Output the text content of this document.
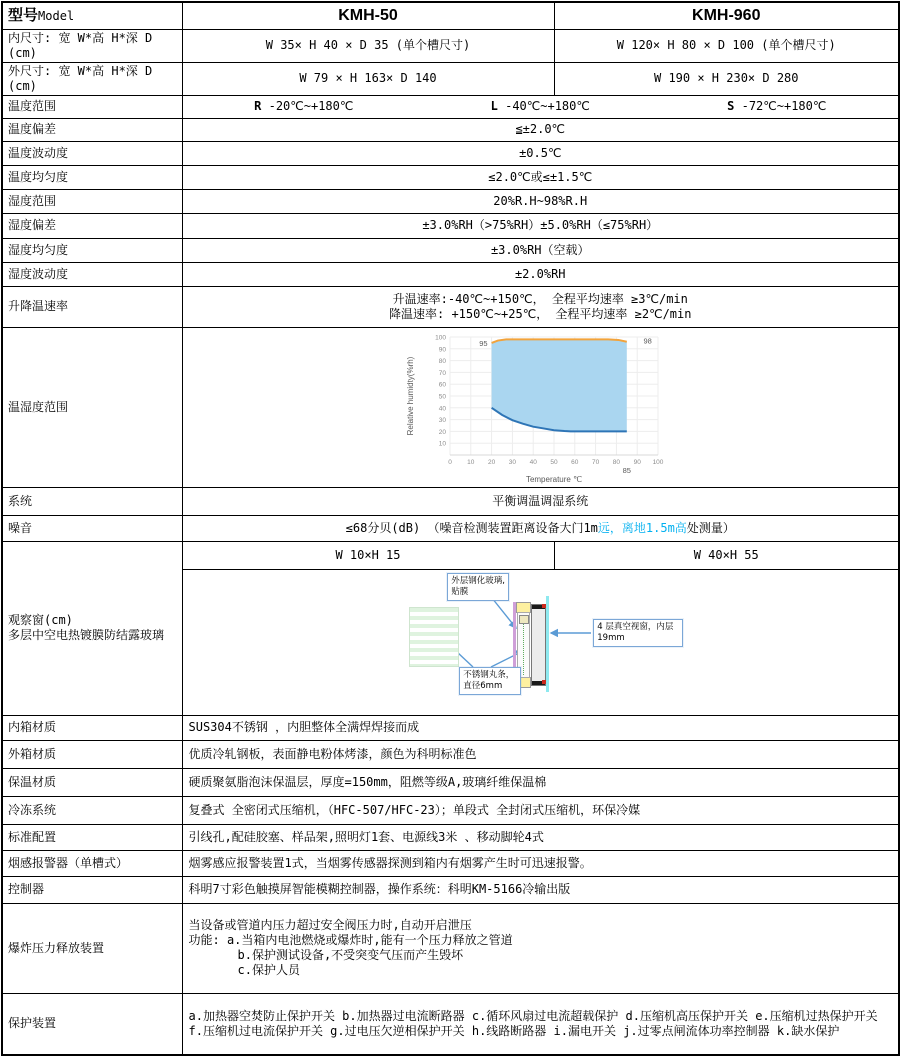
型号Model	KMH-50	KMH-960
内尺寸: 宽 W*高 H*深 D (cm)	W 35× H 40 × D 35 (单个槽尺寸)	W 120× H 80 × D 100 (单个槽尺寸)
外尺寸: 宽 W*高 H*深 D (cm)	W 79 × H 163× D 140	W 190 × H 230× D 280
温度范围	R -20℃~+180℃ L -40℃~+180℃ S -72℃~+180℃	

温度偏差	≦±2.0℃	
温度波动度	±0.5℃	
温度均匀度	≤2.0℃或≤±1.5℃	
湿度范围	20%R.H~98%R.H	
湿度偏差	±3.0%RH（>75%RH）±5.0%RH（≤75%RH）	
湿度均匀度	±3.0%RH（空载）	
湿度波动度	±2.0%RH	
升降温速率	升温速率:-40℃~+150℃， 全程平均速率 ≥3℃/min
降温速率: +150℃~+25℃， 全程平均速率 ≥2℃/min	

温湿度范围	
0 10 20 30 40 50 60 70 80 90 100
10
20
30
40
50
60
70
80
90
100
95	98
85
Temperature ℃
Relative humidty(%rh)

系统	平衡调温调湿系统	
噪音	≤68分贝(dB) （噪音检测装置距离设备大门1m远，离地1.5m高处测量）	

观察窗(cm)
多层中空电热镀膜防结露玻璃	W 10×H 15	W 40×H 55

	外层钢化玻璃,贴膜
4 层真空视窗，内层 19mm
不锈钢丸条，直径6mm	

内箱材质	SUS304不锈钢 ，内胆整体全满焊焊接而成	
外箱材质	优质冷轧钢板，表面静电粉体烤漆，颜色为科明标准色	
保温材质	硬质聚氨脂泡沫保温层，厚度=150mm，阻燃等级A,玻璃纤维保温棉	
冷冻系统	复叠式 全密闭式压缩机，（HFC-507/HFC-23）；单段式 全封闭式压缩机，环保冷媒	
标准配置	引线孔,配硅胶塞、样品架,照明灯1套、电源线3米 、移动脚轮4式	
烟感报警器（单槽式）	烟雾感应报警装置1式，当烟雾传感器探测到箱内有烟雾产生时可迅速报警。	
控制器	科明7寸彩色触摸屏智能模糊控制器，操作系统：科明KM-5166冷输出版	
爆炸压力释放装置	当设备或管道内压力超过安全阀压力时,自动开启泄压
功能: a.当箱内电池燃烧或爆炸时,能有一个压力释放之管道
b.保护测试设备,不受突变气压而产生毁坏
c.保护人员	

保护装置	a.加热器空焚防止保护开关 b.加热器过电流断路器 c.循环风扇过电流超载保护 d.压缩机高压保护开关 e.压缩机过热保护开关 f.压缩机过电流保护开关 g.过电压欠逆相保护开关 h.线路断路器 i.漏电开关 j.过零点闸流体功率控制器 k.缺水保护	
